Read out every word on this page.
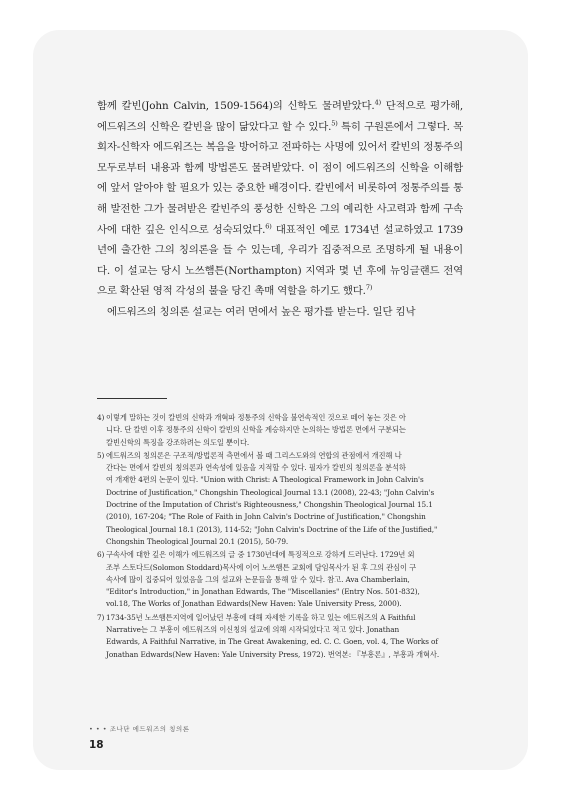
함께 칼빈(John Calvin, 1509-1564)의 신학도 물려받았다.$^{4)}$ 단적으로 평가해, 에드워즈의 신학은 칼빈을 많이 닮았다고 할 수 있다.$^{5)}$ 특히 구원론에서 그렇다. 목회자-신학자 에드워즈는 복음을 방어하고 전파하는 사명에 있어서 칼빈의 정통주의 모두로부터 내용과 함께 방법론도 물려받았다. 이 점이 에드워즈의 신학을 이해함에 앞서 알아야 할 필요가 있는 중요한 배경이다. 칼빈에서 비롯하여 정통주의를 통해 발전한 그가 물려받은 칼빈주의 풍성한 신학은 그의 예리한 사고력과 함께 구속사에 대한 깊은 인식으로 성숙되었다.$^{6)}$ 대표적인 예로 1734년 설교하였고 1739년에 출간한 그의 칭의론을 들 수 있는데, 우리가 집중적으로 조명하게 될 내용이다. 이 설교는 당시 노쓰햄튼(Northampton) 지역과 몇 년 후에 뉴잉글랜드 전역으로 확산된 영적 각성의 불을 당긴 촉매 역할을 하기도 했다.$^{7)}$

에드워즈의 칭의론 설교는 여러 면에서 높은 평가를 받는다. 일단 킴낙

4) 이렇게 말하는 것이 칼빈의 신학과 개혁파 정통주의 신학을 불연속적인 것으로 떼어 놓는 것은 아
니다. 단 칼빈 이후 정통주의 신학이 칼빈의 신학을 계승하지만 논의하는 방법론 면에서 구분되는
칼빈신학의 특징을 강조하려는 의도일 뿐이다.
5) 에드워즈의 칭의론은 구조적/방법론적 측면에서 볼 때 그리스도와의 연합의 관점에서 개진해 나
간다는 면에서 칼빈의 칭의론과 연속성에 있음을 지적할 수 있다. 필자가 칼빈의 칭의론을 분석하
여 개재한 4편의 논문이 있다. "Union with Christ: A Theological Framework in John Calvin's
Doctrine of Justification," Chongshin Theological Journal 13.1 (2008), 22-43; "John Calvin's
Doctrine of the Imputation of Christ's Righteousness," Chongshin Theological Journal 15.1
(2010), 167-204; "The Role of Faith in John Calvin's Doctrine of Justification," Chongshin
Theological Journal 18.1 (2013), 114-52; "John Calvin's Doctrine of the Life of the Justified,"
Chongshin Theological Journal 20.1 (2015), 50-79.
6) 구속사에 대한 깊은 이해가 에드워즈의 글 중 1730년대에 특징적으로 강하게 드러난다. 1729년 외
조부 스토다드(Solomon Stoddard)목사에 이어 노쓰햄튼 교회에 담임목사가 된 후 그의 관심이 구
속사에 많이 집중되어 있었음을 그의 설교와 논문들을 통해 알 수 있다. 참고. Ava Chamberlain,
"Editor's Introduction," in Jonathan Edwards, The "Miscellanies" (Entry Nos. 501-832),
vol.18, The Works of Jonathan Edwards(New Haven: Yale University Press, 2000).
7) 1734-35년 노쓰햄튼지역에 일어났던 부흥에 대해 자세한 기록을 하고 있는 에드워즈의 A Faithful
Narrative는 그 부흥이 에드워즈의 이신칭의 설교에 의해 시작되었다고 적고 있다. Jonathan
Edwards, A Faithful Narrative, in The Great Awakening, ed. C. C. Goen, vol. 4, The Works of
Jonathan Edwards(New Haven: Yale University Press, 1972). 번역본: 『부흥론』, 부흥과 개혁사.
• • • 조나단 에드워즈의 칭의론
18
